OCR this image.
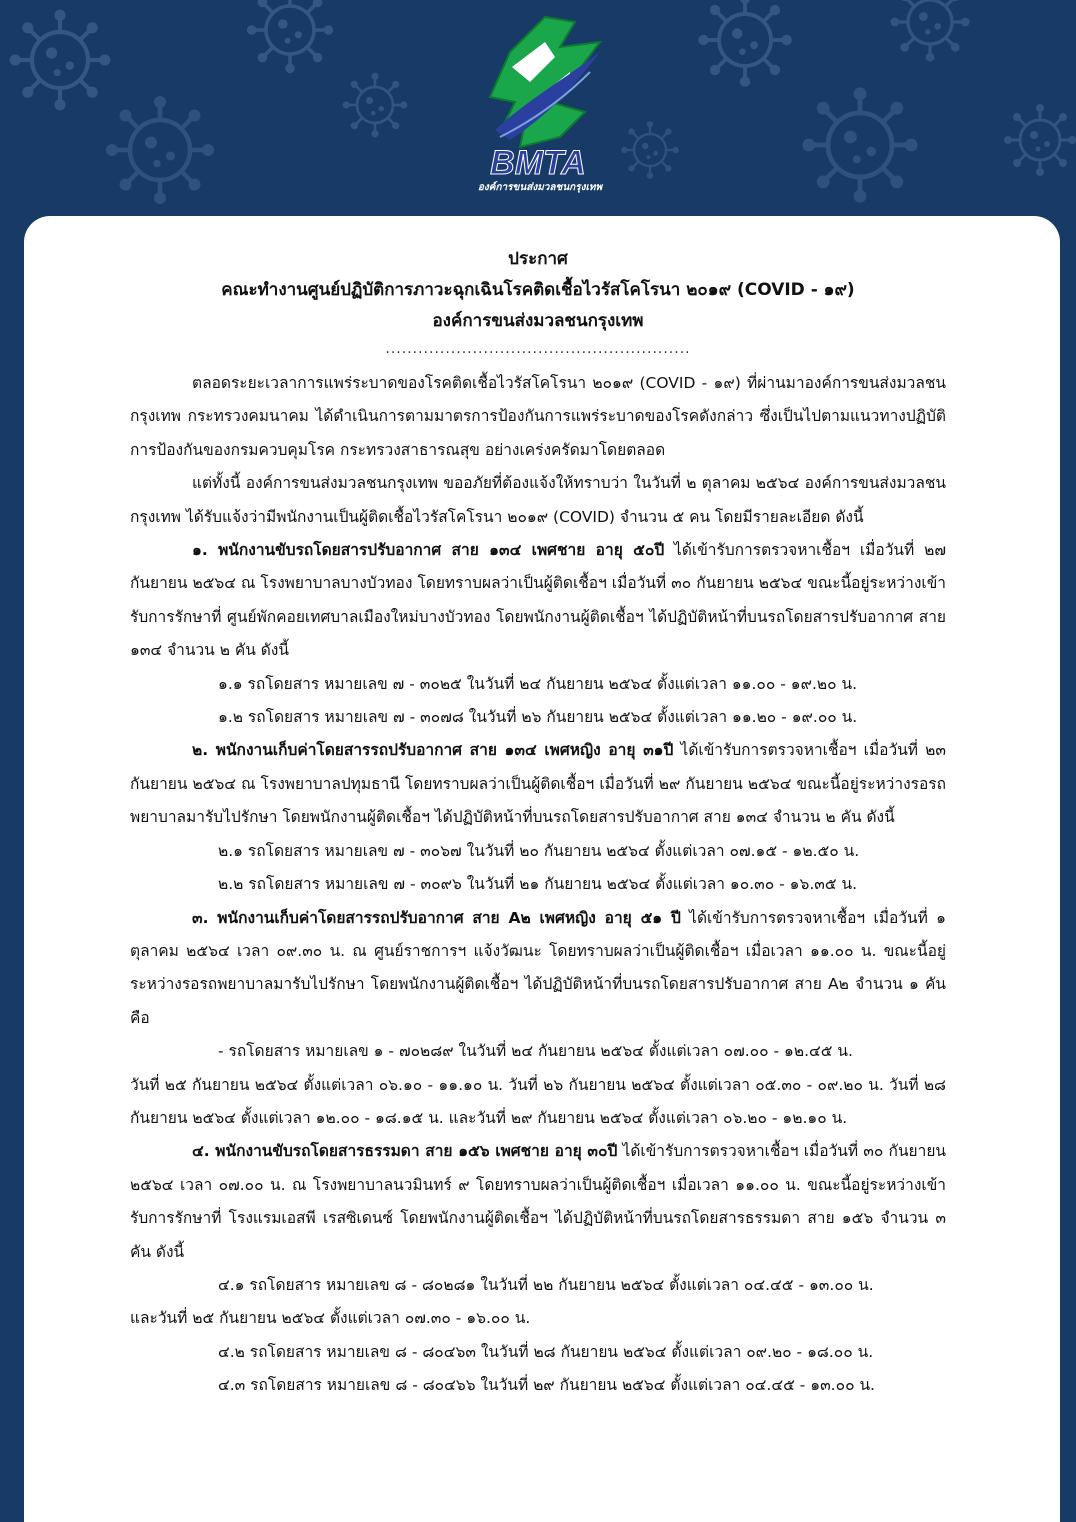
BMTA
องค์การขนส่งมวลชนกรุงเทพ
ประกาศ
คณะทำงานศูนย์ปฏิบัติการภาวะฉุกเฉินโรคติดเชื้อไวรัสโคโรนา ๒๐๑๙ (COVID - ๑๙)
องค์การขนส่งมวลชนกรุงเทพ
........................................................
ตลอดระยะเวลาการแพร่ระบาดของโรคติดเชื้อไวรัสโคโรนา ๒๐๑๙ (COVID - ๑๙) ที่ผ่านมาองค์การขนส่งมวลชนกรุงเทพ กระทรวงคมนาคม ได้ดำเนินการตามมาตรการป้องกันการแพร่ระบาดของโรคดังกล่าว ซึ่งเป็นไปตามแนวทางปฏิบัติการป้องกันของกรมควบคุมโรค กระทรวงสาธารณสุข อย่างเคร่งครัดมาโดยตลอด
แต่ทั้งนี้ องค์การขนส่งมวลชนกรุงเทพ ขออภัยที่ต้องแจ้งให้ทราบว่า ในวันที่ ๒ ตุลาคม ๒๕๖๔ องค์การขนส่งมวลชนกรุงเทพ ได้รับแจ้งว่ามีพนักงานเป็นผู้ติดเชื้อไวรัสโคโรนา ๒๐๑๙ (COVID) จำนวน ๕ คน โดยมีรายละเอียด ดังนี้
๑. พนักงานขับรถโดยสารปรับอากาศ สาย ๑๓๔ เพศชาย อายุ ๕๐ปี ได้เข้ารับการตรวจหาเชื้อฯ เมื่อวันที่ ๒๗ กันยายน ๒๕๖๔ ณ โรงพยาบาลบางบัวทอง โดยทราบผลว่าเป็นผู้ติดเชื้อฯ เมื่อวันที่ ๓๐ กันยายน ๒๕๖๔ ขณะนี้อยู่ระหว่างเข้ารับการรักษาที่ ศูนย์พักคอยเทศบาลเมืองใหม่บางบัวทอง โดยพนักงานผู้ติดเชื้อฯ ได้ปฏิบัติหน้าที่บนรถโดยสารปรับอากาศ สาย ๑๓๔ จำนวน ๒ คัน ดังนี้
๑.๑ รถโดยสาร หมายเลข ๗ - ๓๐๒๕ ในวันที่ ๒๔ กันยายน ๒๕๖๔ ตั้งแต่เวลา ๑๑.๐๐ - ๑๙.๒๐ น.
๑.๒ รถโดยสาร หมายเลข ๗ - ๓๐๗๘ ในวันที่ ๒๖ กันยายน ๒๕๖๔ ตั้งแต่เวลา ๑๑.๒๐ - ๑๙.๐๐ น.
๒. พนักงานเก็บค่าโดยสารรถปรับอากาศ สาย ๑๓๔ เพศหญิง อายุ ๓๑ปี ได้เข้ารับการตรวจหาเชื้อฯ เมื่อวันที่ ๒๓ กันยายน ๒๕๖๔ ณ โรงพยาบาลปทุมธานี โดยทราบผลว่าเป็นผู้ติดเชื้อฯ เมื่อวันที่ ๒๙ กันยายน ๒๕๖๔ ขณะนี้อยู่ระหว่างรอรถพยาบาลมารับไปรักษา โดยพนักงานผู้ติดเชื้อฯ ได้ปฏิบัติหน้าที่บนรถโดยสารปรับอากาศ สาย ๑๓๔ จำนวน ๒ คัน ดังนี้
๒.๑ รถโดยสาร หมายเลข ๗ - ๓๐๖๗ ในวันที่ ๒๐ กันยายน ๒๕๖๔ ตั้งแต่เวลา ๐๗.๑๕ - ๑๒.๕๐ น.
๒.๒ รถโดยสาร หมายเลข ๗ - ๓๐๙๖ ในวันที่ ๒๑ กันยายน ๒๕๖๔ ตั้งแต่เวลา ๑๐.๓๐ - ๑๖.๓๕ น.
๓. พนักงานเก็บค่าโดยสารรถปรับอากาศ สาย A๒ เพศหญิง อายุ ๕๑ ปี ได้เข้ารับการตรวจหาเชื้อฯ เมื่อวันที่ ๑ ตุลาคม ๒๕๖๔ เวลา ๐๙.๓๐ น. ณ ศูนย์ราชการฯ แจ้งวัฒนะ โดยทราบผลว่าเป็นผู้ติดเชื้อฯ เมื่อเวลา ๑๑.๐๐ น. ขณะนี้อยู่ระหว่างรอรถพยาบาลมารับไปรักษา โดยพนักงานผู้ติดเชื้อฯ ได้ปฏิบัติหน้าที่บนรถโดยสารปรับอากาศ สาย A๒ จำนวน ๑ คัน คือ
- รถโดยสาร หมายเลข ๑ - ๗๐๒๘๙ ในวันที่ ๒๔ กันยายน ๒๕๖๔ ตั้งแต่เวลา ๐๗.๐๐ - ๑๒.๔๕ น.
วันที่ ๒๕ กันยายน ๒๕๖๔ ตั้งแต่เวลา ๐๖.๑๐ - ๑๑.๑๐ น. วันที่ ๒๖ กันยายน ๒๕๖๔ ตั้งแต่เวลา ๐๕.๓๐ - ๐๙.๒๐ น. วันที่ ๒๘ กันยายน ๒๕๖๔ ตั้งแต่เวลา ๑๒.๐๐ - ๑๘.๑๕ น. และวันที่ ๒๙ กันยายน ๒๕๖๔ ตั้งแต่เวลา ๐๖.๒๐ - ๑๒.๑๐ น.
๔. พนักงานขับรถโดยสารธรรมดา สาย ๑๕๖ เพศชาย อายุ ๓๐ปี ได้เข้ารับการตรวจหาเชื้อฯ เมื่อวันที่ ๓๐ กันยายน ๒๕๖๔ เวลา ๐๗.๐๐ น. ณ โรงพยาบาลนวมินทร์ ๙ โดยทราบผลว่าเป็นผู้ติดเชื้อฯ เมื่อเวลา ๑๑.๐๐ น. ขณะนี้อยู่ระหว่างเข้ารับการรักษาที่ โรงแรมเอสพี เรสซิเดนซ์ โดยพนักงานผู้ติดเชื้อฯ ได้ปฏิบัติหน้าที่บนรถโดยสารธรรมดา สาย ๑๕๖ จำนวน ๓ คัน ดังนี้
๔.๑ รถโดยสาร หมายเลข ๘ - ๘๐๒๘๑ ในวันที่ ๒๒ กันยายน ๒๕๖๔ ตั้งแต่เวลา ๐๔.๔๕ - ๑๓.๐๐ น.
และวันที่ ๒๕ กันยายน ๒๕๖๔ ตั้งแต่เวลา ๐๗.๓๐ - ๑๖.๐๐ น.
๔.๒ รถโดยสาร หมายเลข ๘ - ๘๐๔๖๓ ในวันที่ ๒๘ กันยายน ๒๕๖๔ ตั้งแต่เวลา ๐๙.๒๐ - ๑๘.๐๐ น.
๔.๓ รถโดยสาร หมายเลข ๘ - ๘๐๔๖๖ ในวันที่ ๒๙ กันยายน ๒๕๖๔ ตั้งแต่เวลา ๐๔.๔๕ - ๑๓.๐๐ น.
